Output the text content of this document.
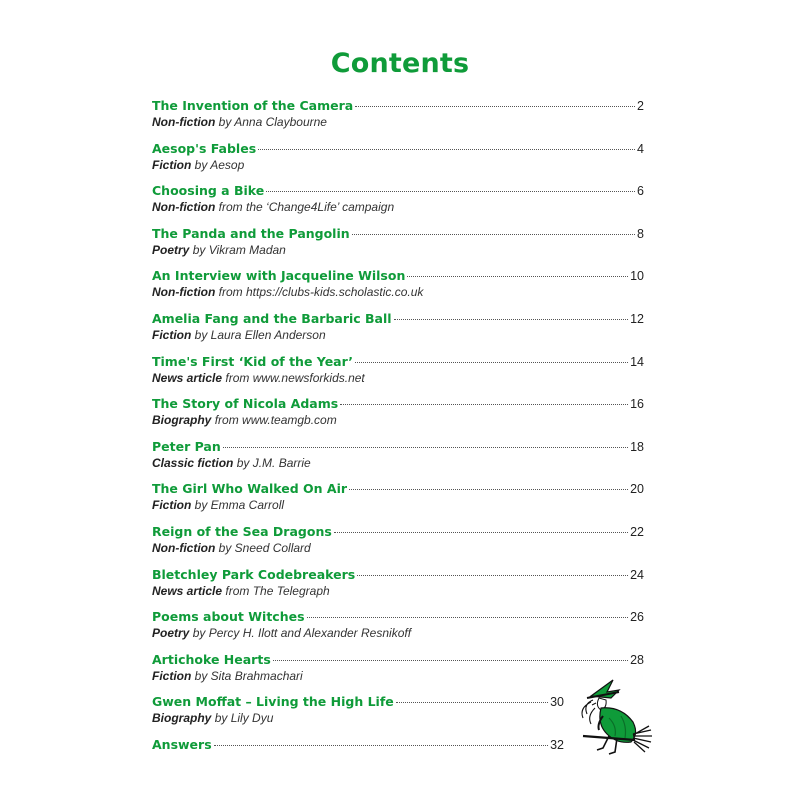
Contents
The Invention of the Camera	2
Non-fiction by Anna Claybourne
Aesop's Fables	4
Fiction by Aesop
Choosing a Bike	6
Non-fiction from the ‘Change4Life’ campaign
The Panda and the Pangolin	8
Poetry by Vikram Madan
An Interview with Jacqueline Wilson	10
Non-fiction from https://clubs-kids.scholastic.co.uk
Amelia Fang and the Barbaric Ball	12
Fiction by Laura Ellen Anderson
Time's First ‘Kid of the Year’	14
News article from www.newsforkids.net
The Story of Nicola Adams	16
Biography from www.teamgb.com
Peter Pan	18
Classic fiction by J.M. Barrie
The Girl Who Walked On Air	20
Fiction by Emma Carroll
Reign of the Sea Dragons	22
Non-fiction by Sneed Collard
Bletchley Park Codebreakers	24
News article from The Telegraph
Poems about Witches	26
Poetry by Percy H. Ilott and Alexander Resnikoff
Artichoke Hearts	28
Fiction by Sita Brahmachari
Gwen Moffat – Living the High Life	30
Biography by Lily Dyu
Answers	32
